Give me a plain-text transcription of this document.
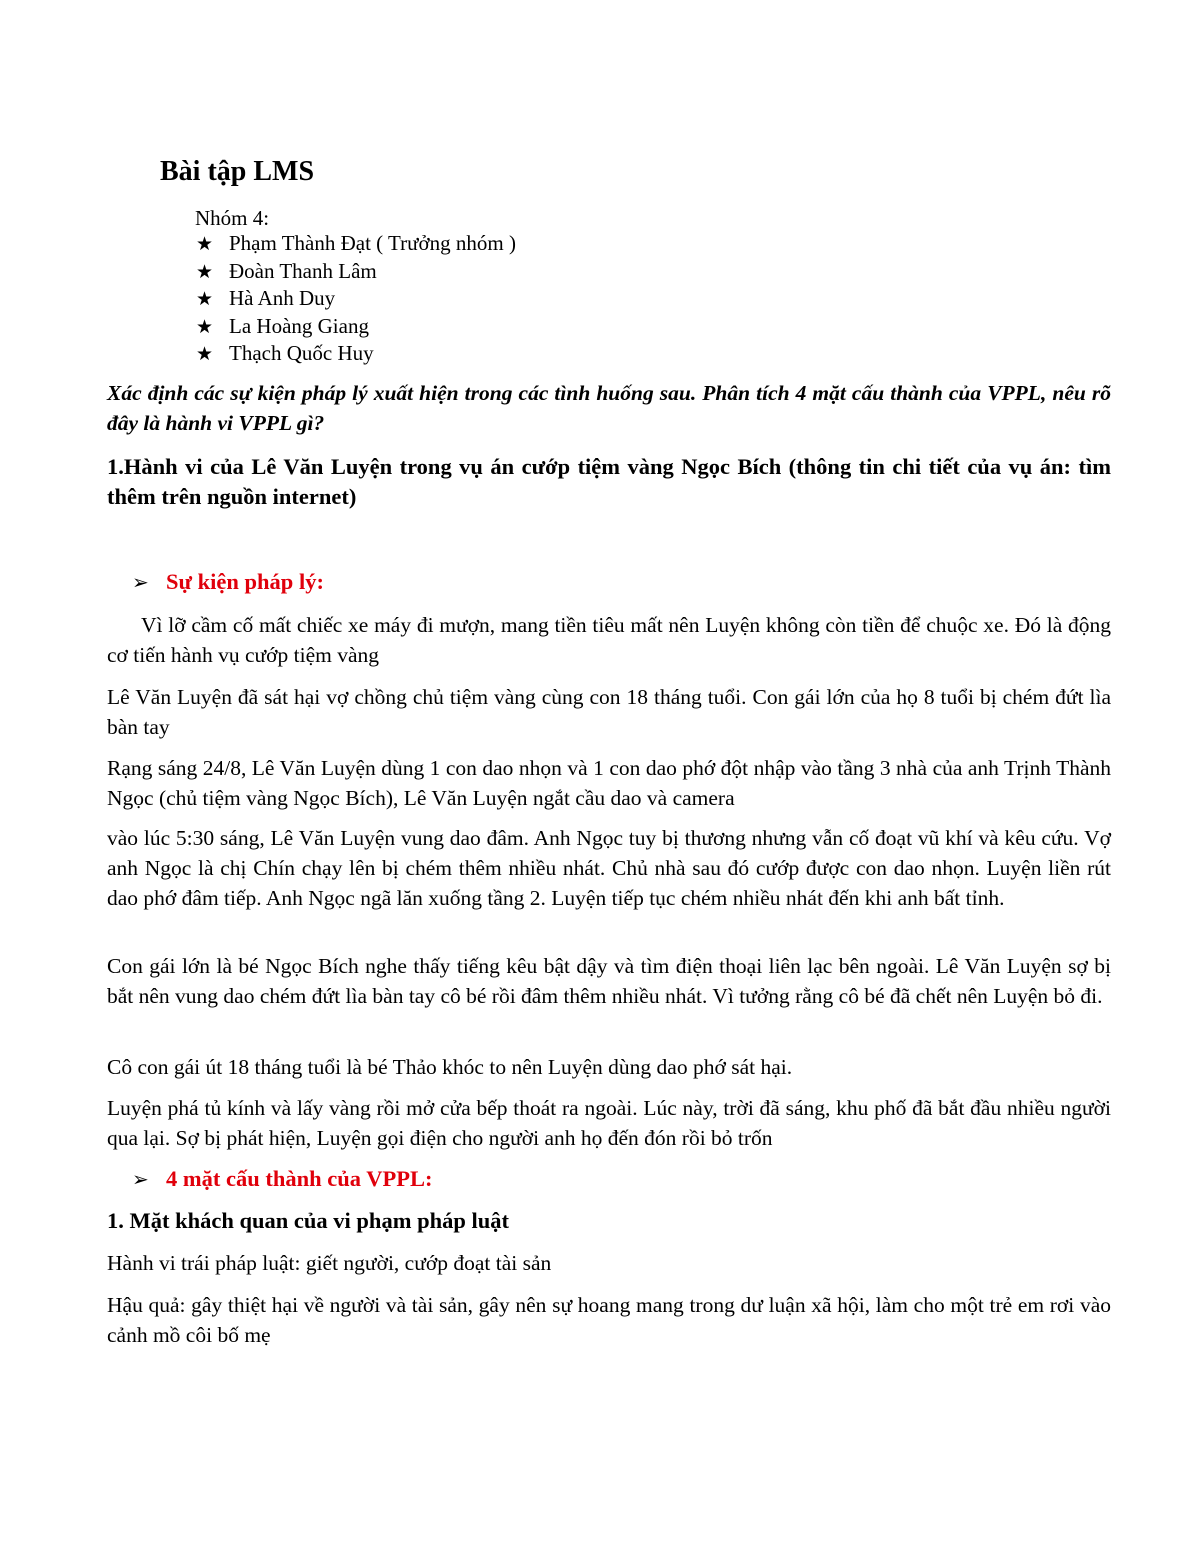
Bài tập LMS
Nhóm 4:
★ Phạm Thành Đạt ( Trưởng nhóm )
★ Đoàn Thanh Lâm
★ Hà Anh Duy
★ La Hoàng Giang
★ Thạch Quốc Huy
Xác định các sự kiện pháp lý xuất hiện trong các tình huống sau. Phân tích 4 mặt cấu thành của VPPL, nêu rõ đây là hành vi VPPL gì?
1.Hành vi của Lê Văn Luyện trong vụ án cướp tiệm vàng Ngọc Bích (thông tin chi tiết của vụ án: tìm thêm trên nguồn internet)
➢ Sự kiện pháp lý:
Vì lỡ cầm cố mất chiếc xe máy đi mượn, mang tiền tiêu mất nên Luyện không còn tiền để chuộc xe. Đó là động cơ tiến hành vụ cướp tiệm vàng
Lê Văn Luyện đã sát hại vợ chồng chủ tiệm vàng cùng con 18 tháng tuổi. Con gái lớn của họ 8 tuổi bị chém đứt lìa bàn tay
Rạng sáng 24/8, Lê Văn Luyện dùng 1 con dao nhọn và 1 con dao phớ đột nhập vào tầng 3 nhà của anh Trịnh Thành Ngọc (chủ tiệm vàng Ngọc Bích), Lê Văn Luyện ngắt cầu dao và camera
vào lúc 5:30 sáng, Lê Văn Luyện vung dao đâm. Anh Ngọc tuy bị thương nhưng vẫn cố đoạt vũ khí và kêu cứu. Vợ anh Ngọc là chị Chín chạy lên bị chém thêm nhiều nhát. Chủ nhà sau đó cướp được con dao nhọn. Luyện liền rút dao phớ đâm tiếp. Anh Ngọc ngã lăn xuống tầng 2. Luyện tiếp tục chém nhiều nhát đến khi anh bất tỉnh.
Con gái lớn là bé Ngọc Bích nghe thấy tiếng kêu bật dậy và tìm điện thoại liên lạc bên ngoài. Lê Văn Luyện sợ bị bắt nên vung dao chém đứt lìa bàn tay cô bé rồi đâm thêm nhiều nhát. Vì tưởng rằng cô bé đã chết nên Luyện bỏ đi.
Cô con gái út 18 tháng tuổi là bé Thảo khóc to nên Luyện dùng dao phớ sát hại.
Luyện phá tủ kính và lấy vàng rồi mở cửa bếp thoát ra ngoài. Lúc này, trời đã sáng, khu phố đã bắt đầu nhiều người qua lại. Sợ bị phát hiện, Luyện gọi điện cho người anh họ đến đón rồi bỏ trốn
➢ 4 mặt cấu thành của VPPL:
1. Mặt khách quan của vi phạm pháp luật
Hành vi trái pháp luật: giết người, cướp đoạt tài sản
Hậu quả: gây thiệt hại về người và tài sản, gây nên sự hoang mang trong dư luận xã hội, làm cho một trẻ em rơi vào cảnh mồ côi bố mẹ
